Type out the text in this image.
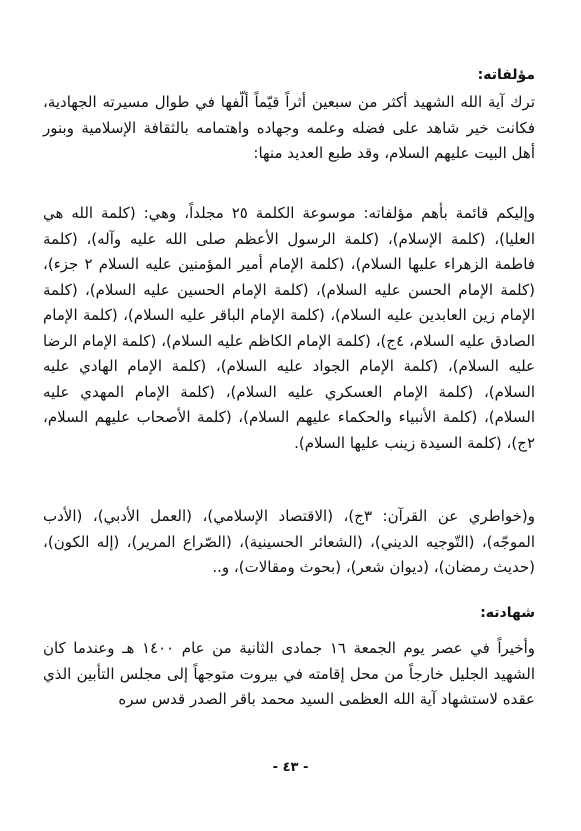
مؤلفاته:

ترك آية الله الشهيد أكثر من سبعين أثراً قيّماً ألّفها في طوال مسيرته الجهادية، فكانت خير شاهد على فضله وعلمه وجهاده واهتمامه بالثقافة الإسلامية وبنور أهل البيت عليهم السلام، وقد طبع العديد منها:

وإليكم قائمة بأهم مؤلفاته: موسوعة الكلمة ٢٥ مجلداً، وهي: (كلمة الله هي العليا)، (كلمة الإسلام)، (كلمة الرسول الأعظم صلى الله عليه وآله)، (كلمة فاطمة الزهراء عليها السلام)، (كلمة الإمام أمير المؤمنين عليه السلام ٢ جزء)، (كلمة الإمام الحسن عليه السلام)، (كلمة الإمام الحسين عليه السلام)، (كلمة الإمام زين العابدين عليه السلام)، (كلمة الإمام الباقر عليه السلام)، (كلمة الإمام الصادق عليه السلام، ٤ج)، (كلمة الإمام الكاظم عليه السلام)، (كلمة الإمام الرضا عليه السلام)، (كلمة الإمام الجواد عليه السلام)، (كلمة الإمام الهادي عليه السلام)، (كلمة الإمام العسكري عليه السلام)، (كلمة الإمام المهدي عليه السلام)، (كلمة الأنبياء والحكماء عليهم السلام)، (كلمة الأصحاب عليهم السلام، ٢ج)، (كلمة السيدة زينب عليها السلام).

و(خواطري عن القرآن: ٣ج)، (الاقتصاد الإسلامي)، (العمل الأدبي)، (الأدب الموجّه)، (التّوجيه الديني)، (الشعائر الحسينية)، (الصّراع المرير)، (إله الكون)، (حديث رمضان)، (ديوان شعر)، (بحوث ومقالات)، و..

شهادته:

وأخيراً في عصر يوم الجمعة ١٦ جمادى الثانية من عام ١٤٠٠ هـ وعندما كان الشهيد الجليل خارجاً من محل إقامته في بيروت متوجهاً إلى مجلس التأبين الذي عقده لاستشهاد آية الله العظمى السيد محمد باقر الصدر قدس سره

- ٤٣ -
